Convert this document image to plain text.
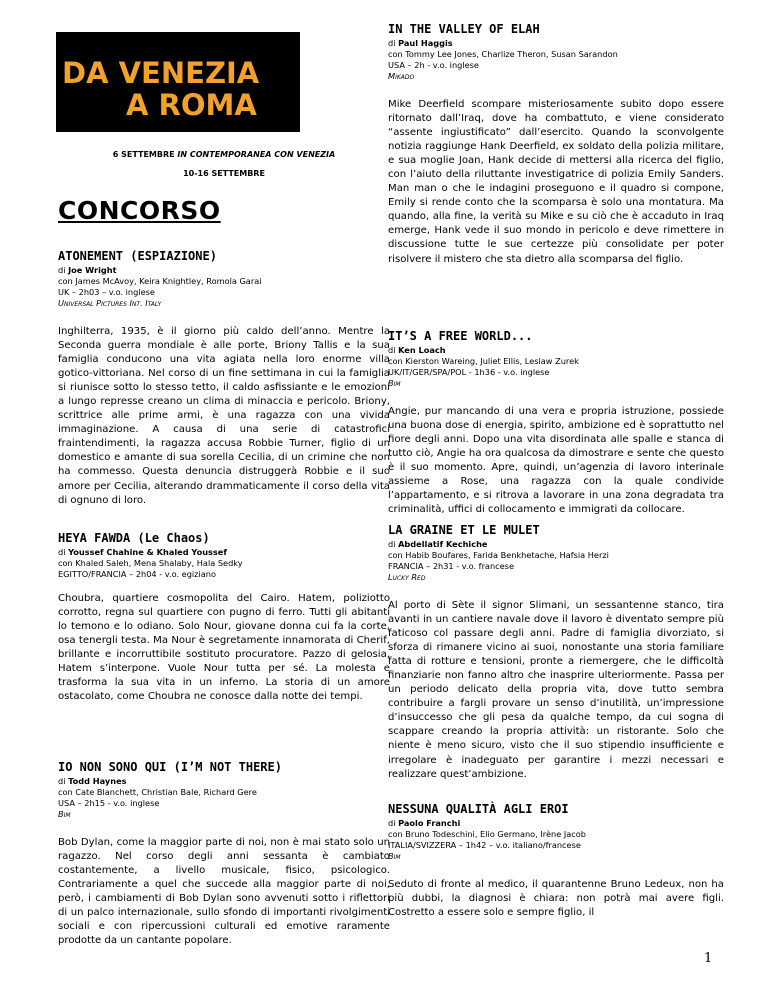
DA VENEZIA
A ROMA
6 SETTEMBRE IN CONTEMPORANEA CON VENEZIA
10-16 SETTEMBRE
CONCORSO
ATONEMENT (ESPIAZIONE)
di Joe Wright
con James McAvoy, Keira Knightley, Romola Garai
UK – 2h03 – v.o. inglese
Universal Pictures Int. Italy
Inghilterra, 1935, è il giorno più caldo dell’anno. Mentre la Seconda guerra mondiale è alle porte, Briony Tallis e la sua famiglia conducono una vita agiata nella loro enorme villa gotico-vittoriana. Nel corso di un fine settimana in cui la famiglia si riunisce sotto lo stesso tetto, il caldo asfissiante e le emozioni a lungo represse creano un clima di minaccia e pericolo. Briony, scrittrice alle prime armi, è una ragazza con una vivida immaginazione. A causa di una serie di catastrofici fraintendimenti, la ragazza accusa Robbie Turner, figlio di un domestico e amante di sua sorella Cecilia, di un crimine che non ha commesso. Questa denuncia distruggerà Robbie e il suo amore per Cecilia, alterando drammaticamente il corso della vita di ognuno di loro.
HEYA FAWDA (Le Chaos)
di Youssef Chahine & Khaled Youssef
con Khaled Saleh, Mena Shalaby, Hala Sedky
EGITTO/FRANCIA – 2h04 - v.o. egiziano
Choubra, quartiere cosmopolita del Cairo. Hatem, poliziotto corrotto, regna sul quartiere con pugno di ferro. Tutti gli abitanti lo temono e lo odiano. Solo Nour, giovane donna cui fa la corte, osa tenergli testa. Ma Nour è segretamente innamorata di Cherif, brillante e incorruttibile sostituto procuratore. Pazzo di gelosia, Hatem s’interpone. Vuole Nour tutta per sé. La molesta e trasforma la sua vita in un inferno. La storia di un amore ostacolato, come Choubra ne conosce dalla notte dei tempi.
IO NON SONO QUI (I’M NOT THERE)
di Todd Haynes
con Cate Blanchett, Christian Bale, Richard Gere
USA – 2h15 - v.o. inglese
Bim
Bob Dylan, come la maggior parte di noi, non è mai stato solo un ragazzo. Nel corso degli anni sessanta è cambiato costantemente, a livello musicale, fisico, psicologico. Contrariamente a quel che succede alla maggior parte di noi, però, i cambiamenti di Bob Dylan sono avvenuti sotto i riflettori di un palco internazionale, sullo sfondo di importanti rivolgimenti sociali e con ripercussioni culturali ed emotive raramente prodotte da un cantante popolare.
IN THE VALLEY OF ELAH
di Paul Haggis
con Tommy Lee Jones, Charlize Theron, Susan Sarandon
USA – 2h - v.o. inglese
Mikado
Mike Deerfield scompare misteriosamente subito dopo essere ritornato dall’Iraq, dove ha combattuto, e viene considerato “assente ingiustificato” dall’esercito. Quando la sconvolgente notizia raggiunge Hank Deerfield, ex soldato della polizia militare, e sua moglie Joan, Hank decide di mettersi alla ricerca del figlio, con l’aiuto della riluttante investigatrice di polizia Emily Sanders. Man man o che le indagini proseguono e il quadro si compone, Emily si rende conto che la scomparsa è solo una montatura. Ma quando, alla fine, la verità su Mike e su ciò che è accaduto in Iraq emerge, Hank vede il suo mondo in pericolo e deve rimettere in discussione tutte le sue certezze più consolidate per poter risolvere il mistero che sta dietro alla scomparsa del figlio.
IT’S A FREE WORLD...
di Ken Loach
con Kierston Wareing, Juliet Ellis, Leslaw Zurek
UK/IT/GER/SPA/POL - 1h36 - v.o. inglese
Bim
Angie, pur mancando di una vera e propria istruzione, possiede una buona dose di energia, spirito, ambizione ed è soprattutto nel fiore degli anni. Dopo una vita disordinata alle spalle e stanca di tutto ciò, Angie ha ora qualcosa da dimostrare e sente che questo è il suo momento. Apre, quindi, un’agenzia di lavoro interinale assieme a Rose, una ragazza con la quale condivide l’appartamento, e si ritrova a lavorare in una zona degradata tra criminalità, uffici di collocamento e immigrati da collocare.
LA GRAINE ET LE MULET
di Abdellatif Kechiche
con Habib Boufares, Farida Benkhetache, Hafsia Herzi
FRANCIA – 2h31 - v.o. francese
Lucky Red
Al porto di Sète il signor Slimani, un sessantenne stanco, tira avanti in un cantiere navale dove il lavoro è diventato sempre più faticoso col passare degli anni. Padre di famiglia divorziato, si sforza di rimanere vicino ai suoi, nonostante una storia familiare fatta di rotture e tensioni, pronte a riemergere, che le difficoltà finanziarie non fanno altro che inasprire ulteriormente. Passa per un periodo delicato della propria vita, dove tutto sembra contribuire a fargli provare un senso d’inutilità, un’impressione d’insuccesso che gli pesa da qualche tempo, da cui sogna di scappare creando la propria attività: un ristorante. Solo che niente è meno sicuro, visto che il suo stipendio insufficiente e irregolare è inadeguato per garantire i mezzi necessari e realizzare quest’ambizione.
NESSUNA QUALITÀ AGLI EROI
di Paolo Franchi
con Bruno Todeschini, Elio Germano, Irène Jacob
ITALIA/SVIZZERA – 1h42 – v.o. italiano/francese
Bim
Seduto di fronte al medico, il quarantenne Bruno Ledeux, non ha più dubbi, la diagnosi è chiara: non potrà mai avere figli. Costretto a essere solo e sempre figlio, il
1
